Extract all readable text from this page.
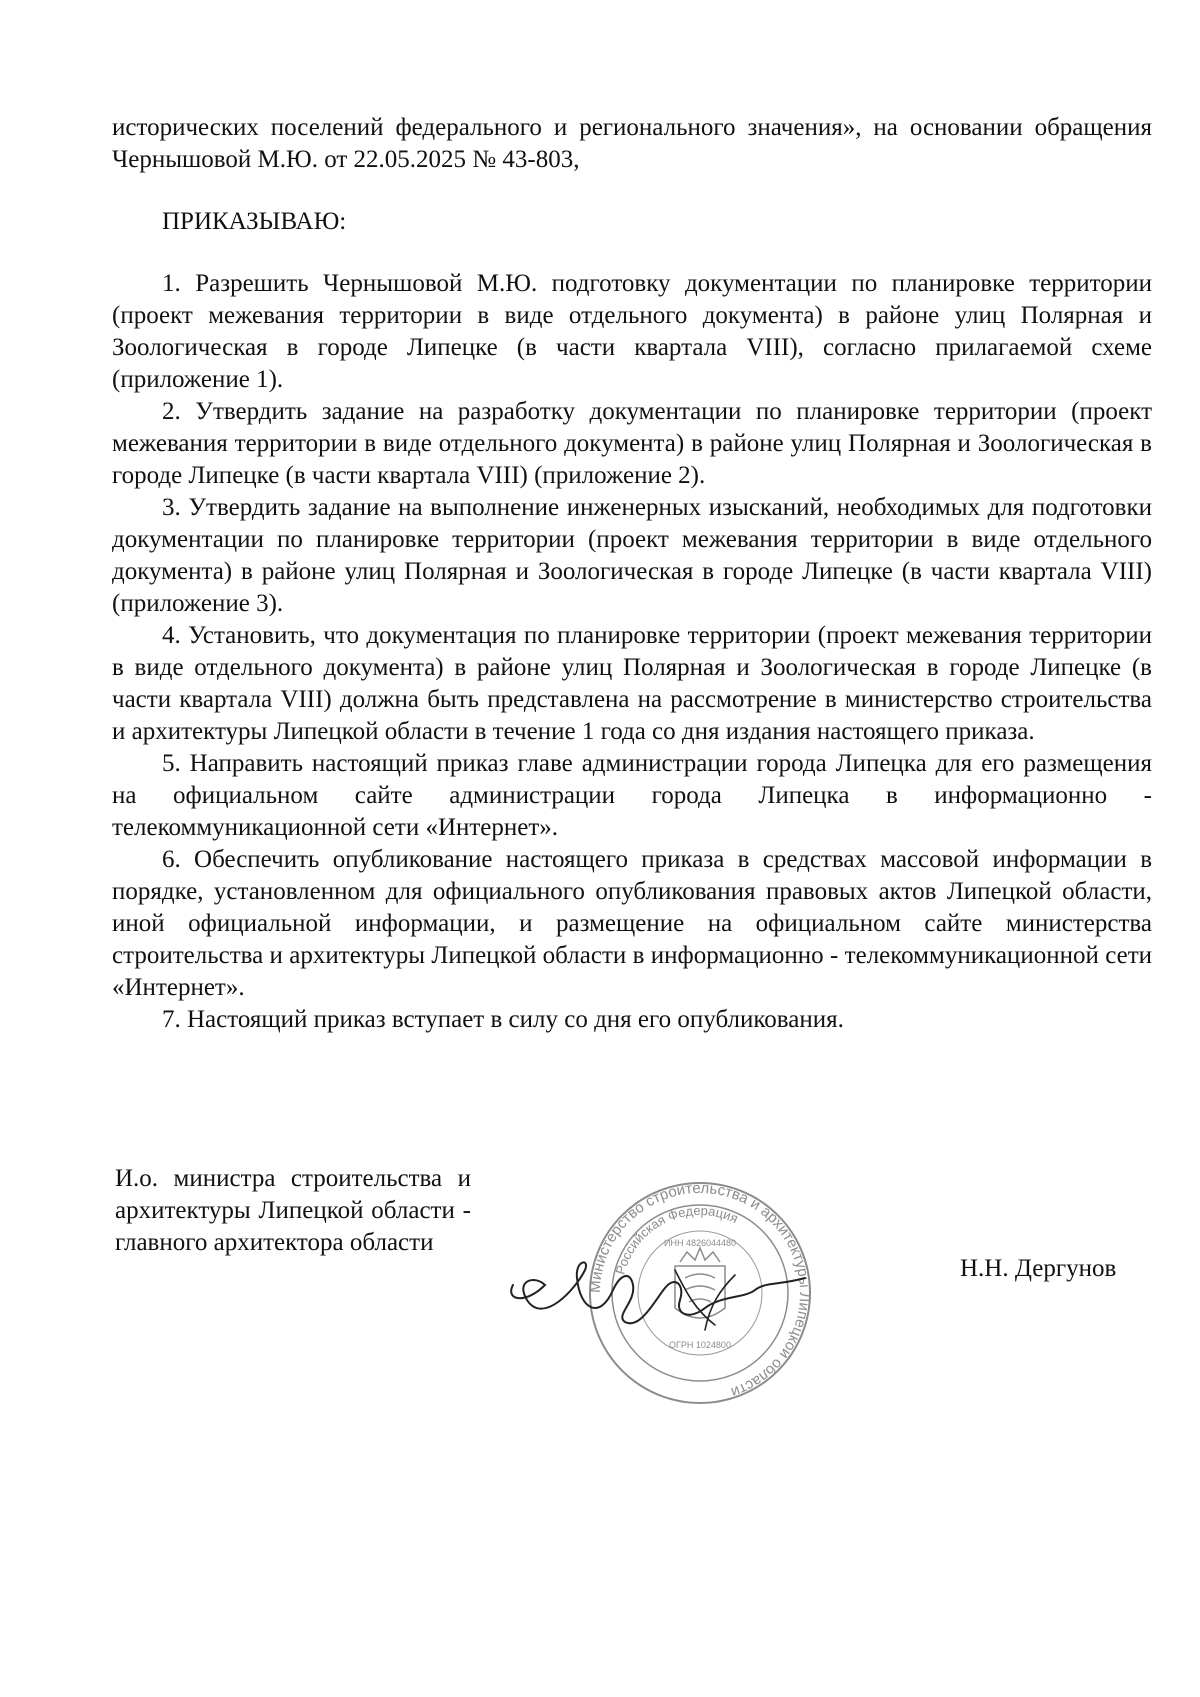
исторических поселений федерального и регионального значения», на основании обращения Чернышовой М.Ю. от 22.05.2025 № 43-803,

ПРИКАЗЫВАЮ:

1. Разрешить Чернышовой М.Ю. подготовку документации по планировке территории (проект межевания территории в виде отдельного документа) в районе улиц Полярная и Зоологическая в городе Липецке (в части квартала VIII), согласно прилагаемой схеме (приложение 1).

2. Утвердить задание на разработку документации по планировке территории (проект межевания территории в виде отдельного документа) в районе улиц Полярная и Зоологическая в городе Липецке (в части квартала VIII) (приложение 2).

3. Утвердить задание на выполнение инженерных изысканий, необходимых для подготовки документации по планировке территории (проект межевания территории в виде отдельного документа) в районе улиц Полярная и Зоологическая в городе Липецке (в части квартала VIII) (приложение 3).

4. Установить, что документация по планировке территории (проект межевания территории в виде отдельного документа) в районе улиц Полярная и Зоологическая в городе Липецке (в части квартала VIII) должна быть представлена на рассмотрение в министерство строительства и архитектуры Липецкой области в течение 1 года со дня издания настоящего приказа.

5. Направить настоящий приказ главе администрации города Липецка для его размещения на официальном сайте администрации города Липецка в информационно - телекоммуникационной сети «Интернет».

6. Обеспечить опубликование настоящего приказа в средствах массовой информации в порядке, установленном для официального опубликования правовых актов Липецкой области, иной официальной информации, и размещение на официальном сайте министерства строительства и архитектуры Липецкой области в информационно - телекоммуникационной сети «Интернет».

7. Настоящий приказ вступает в силу со дня его опубликования.

И.о. министра строительства и архитектуры Липецкой области - главного архитектора области
Министерство строительства и архитектуры Липецкой области
Российская Федерация
ИНН 4826044480
ОГРН 1024800
Н.Н. Дергунов
